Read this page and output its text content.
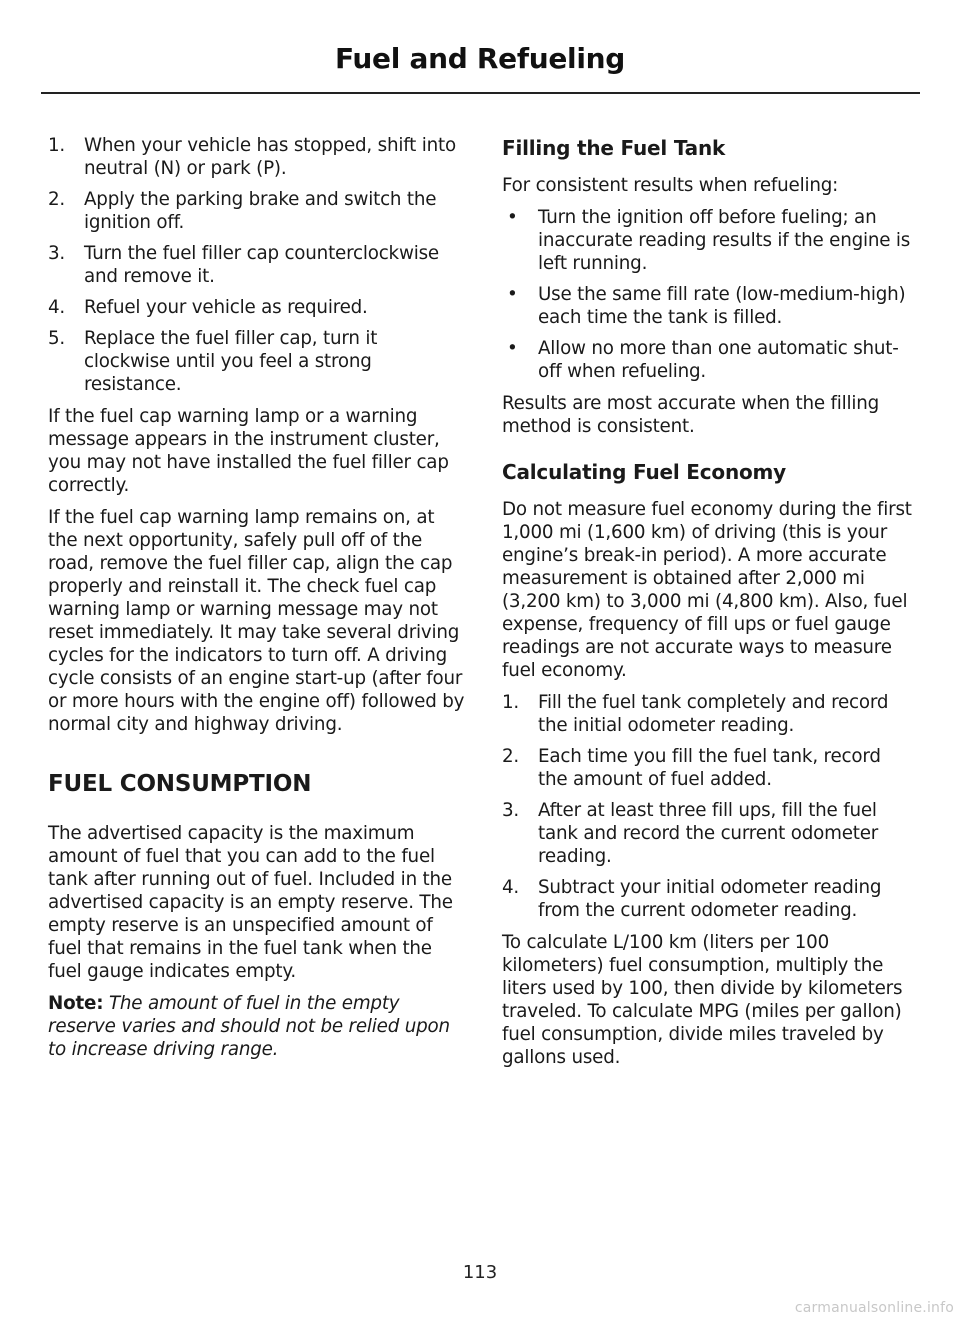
Fuel and Refueling
1. When your vehicle has stopped, shift into neutral (N) or park (P).
2. Apply the parking brake and switch the ignition off.
3. Turn the fuel filler cap counterclockwise and remove it.
4. Refuel your vehicle as required.
5. Replace the fuel filler cap, turn it clockwise until you feel a strong resistance.

If the fuel cap warning lamp or a warning message appears in the instrument cluster, you may not have installed the fuel filler cap correctly.

If the fuel cap warning lamp remains on, at the next opportunity, safely pull off of the road, remove the fuel filler cap, align the cap properly and reinstall it. The check fuel cap warning lamp or warning message may not reset immediately. It may take several driving cycles for the indicators to turn off. A driving cycle consists of an engine start-up (after four or more hours with the engine off) followed by normal city and highway driving.

FUEL CONSUMPTION

The advertised capacity is the maximum amount of fuel that you can add to the fuel tank after running out of fuel. Included in the advertised capacity is an empty reserve. The empty reserve is an unspecified amount of fuel that remains in the fuel tank when the fuel gauge indicates empty.

Note: The amount of fuel in the empty reserve varies and should not be relied upon to increase driving range.

Filling the Fuel Tank

For consistent results when refueling:

• Turn the ignition off before fueling; an inaccurate reading results if the engine is left running.
• Use the same fill rate (low-medium-high) each time the tank is filled.
• Allow no more than one automatic shut-off when refueling.

Results are most accurate when the filling method is consistent.

Calculating Fuel Economy

Do not measure fuel economy during the first 1,000 mi (1,600 km) of driving (this is your engine’s break-in period). A more accurate measurement is obtained after 2,000 mi (3,200 km) to 3,000 mi (4,800 km). Also, fuel expense, frequency of fill ups or fuel gauge readings are not accurate ways to measure fuel economy.

1. Fill the fuel tank completely and record the initial odometer reading.
2. Each time you fill the fuel tank, record the amount of fuel added.
3. After at least three fill ups, fill the fuel tank and record the current odometer reading.
4. Subtract your initial odometer reading from the current odometer reading.

To calculate L/100 km (liters per 100 kilometers) fuel consumption, multiply the liters used by 100, then divide by kilometers traveled. To calculate MPG (miles per gallon) fuel consumption, divide miles traveled by gallons used.

113
carmanualsonline.info
